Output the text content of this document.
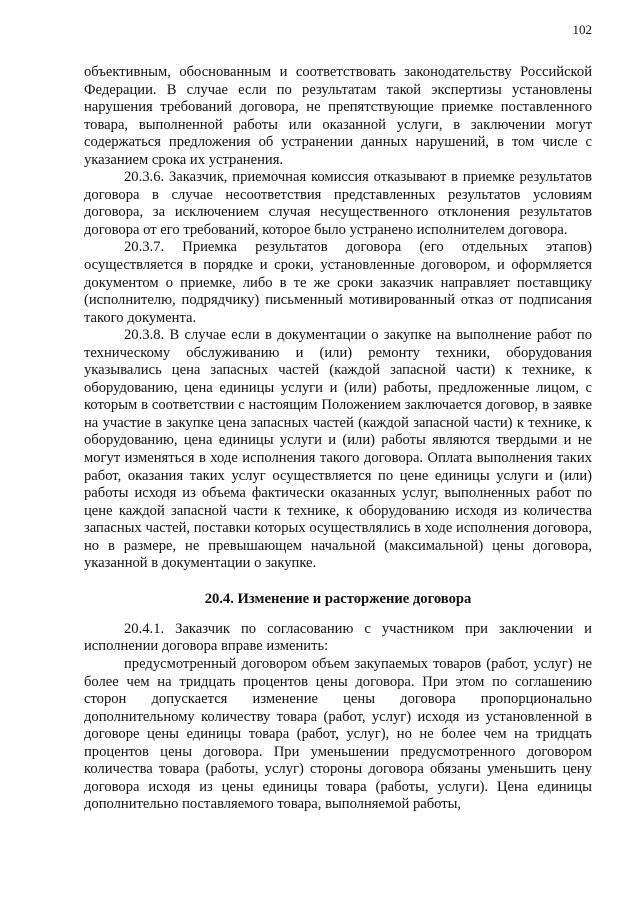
102

объективным, обоснованным и соответствовать законодательству Российской Федерации. В случае если по результатам такой экспертизы установлены нарушения требований договора, не препятствующие приемке поставленного товара, выполненной работы или оказанной услуги, в заключении могут содержаться предложения об устранении данных нарушений, в том числе с указанием срока их устранения.

20.3.6. Заказчик, приемочная комиссия отказывают в приемке результатов договора в случае несоответствия представленных результатов условиям договора, за исключением случая несущественного отклонения результатов договора от его требований, которое было устранено исполнителем договора.

20.3.7. Приемка результатов договора (его отдельных этапов) осуществляется в порядке и сроки, установленные договором, и оформляется документом о приемке, либо в те же сроки заказчик направляет поставщику (исполнителю, подрядчику) письменный мотивированный отказ от подписания такого документа.

20.3.8. В случае если в документации о закупке на выполнение работ по техническому обслуживанию и (или) ремонту техники, оборудования указывались цена запасных частей (каждой запасной части) к технике, к оборудованию, цена единицы услуги и (или) работы, предложенные лицом, с которым в соответствии с настоящим Положением заключается договор, в заявке на участие в закупке цена запасных частей (каждой запасной части) к технике, к оборудованию, цена единицы услуги и (или) работы являются твердыми и не могут изменяться в ходе исполнения такого договора. Оплата выполнения таких работ, оказания таких услуг осуществляется по цене единицы услуги и (или) работы исходя из объема фактически оказанных услуг, выполненных работ по цене каждой запасной части к технике, к оборудованию исходя из количества запасных частей, поставки которых осуществлялись в ходе исполнения договора, но в размере, не превышающем начальной (максимальной) цены договора, указанной в документации о закупке.

20.4. Изменение и расторжение договора

20.4.1. Заказчик по согласованию с участником при заключении и исполнении договора вправе изменить:

предусмотренный договором объем закупаемых товаров (работ, услуг) не более чем на тридцать процентов цены договора. При этом по соглашению сторон допускается изменение цены договора пропорционально дополнительному количеству товара (работ, услуг) исходя из установленной в договоре цены единицы товара (работ, услуг), но не более чем на тридцать процентов цены договора. При уменьшении предусмотренного договором количества товара (работы, услуг) стороны договора обязаны уменьшить цену договора исходя из цены единицы товара (работы, услуги). Цена единицы дополнительно поставляемого товара, выполняемой работы,
